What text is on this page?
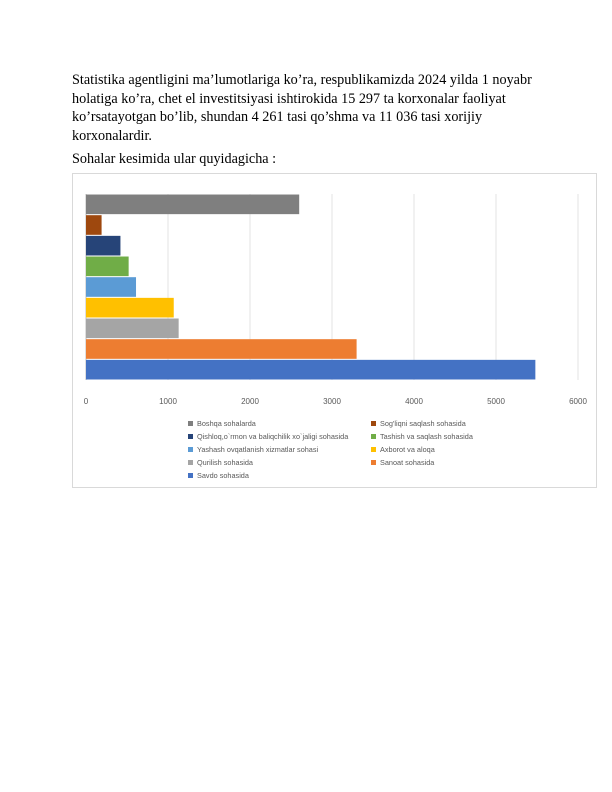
Statistika agentligini ma’lumotlariga ko’ra, respublikamizda 2024 yilda 1 noyabr holatiga ko’ra, chet el investitsiyasi ishtirokida 15 297 ta korxonalar faoliyat ko’rsatayotgan bo’lib, shundan 4 261 tasi qo’shma va 11 036 tasi xorijiy korxonalardir.

Sohalar kesimida ular quyidagicha :

0	1000	2000	3000	4000	5000	6000
Boshqa sohalarda	Sog'liqni saqlash sohasida
Qishloq,o`rmon va baliqchilik xo`jaligi sohasida	Tashish va saqlash sohasida
Yashash ovqatlanish xizmatlar sohasi	Axborot va aloqa
Qurilish sohasida	Sanoat sohasida
Savdo sohasida
